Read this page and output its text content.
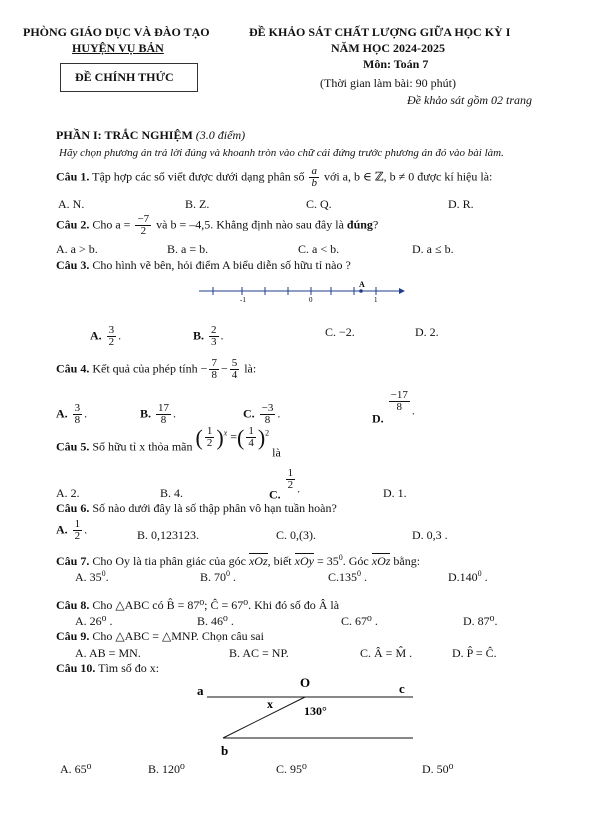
PHÒNG GIÁO DỤC VÀ ĐÀO TẠO
HUYỆN VỤ BẢN
ĐỀ CHÍNH THỨC
ĐỀ KHẢO SÁT CHẤT LƯỢNG GIỮA HỌC KỲ I
NĂM HỌC 2024-2025
Môn: Toán 7
(Thời gian làm bài: 90 phút)
Đề khảo sát gồm 02 trang
PHẦN I: TRẮC NGHIỆM (3.0 điểm)
Hãy chọn phương án trả lời đúng và khoanh tròn vào chữ cái đứng trước phương án đó vào bài làm.
Câu 1. Tập hợp các số viết được dưới dạng phân số $\frac{a}{b}$ với a, b ∈ ℤ, b ≠ 0 được kí hiệu là:
A. N.	B. Z.	C. Q.	D. R.
Câu 2. Cho $a = \frac{-7}{2}$ và b = –4,5. Khẳng định nào sau đây là đúng?
A. a > b.	B. a = b.	C. a < b.	D. a ≤ b.
Câu 3. Cho hình vẽ bên, hỏi điểm A biểu diễn số hữu tỉ nào ?
A
-1	0	1
A. $\frac{3}{2}$ .	B. $\frac{2}{3}$ .	C. −2.	D. 2.
Câu 4. Kết quả của phép tính − $\frac{7}{8} - \frac{5}{4}$ là:
A. $\frac{3}{8}$ .	B. $\frac{17}{8}$ .	C. $\frac{-3}{8}$ .	D.
$\frac{-17}{8}$ .
Câu 5. Số hữu tỉ x thỏa mãn ( $\frac{1}{2} )^x$ =( $\frac{1}{4} )^2$ là
A. 2.	B. 4.	C.
$\frac{1}{2}$ .	D. 1.
Câu 6. Số nào dưới đây là số thập phân vô hạn tuần hoàn?
A. $\frac{1}{2}$ .	B. 0,123123.	C. 0,(3).	D. 0,3 .
Câu 7. Cho Oy là tia phân giác của góc xOz, biết xOy = $35^0$. Góc xOz bằng:
A. $35^0$.	B. $70^0$ .	C.135$^0$ .	D.140$^0$ .
Câu 8. Cho △ABC có B̂ = 87⁰; Ĉ = 67⁰. Khi đó số đo Â là
A. 26⁰ .	B. 46⁰ .	C. 67⁰ .	D. 87⁰.
Câu 9. Cho △ABC = △MNP. Chọn câu sai
A. AB = MN.	B. AC = NP.	C. Â = M̂ .	D. P̂ = Ĉ.
Câu 10. Tìm số đo x:
a
O	c
x	130°
b
A. 65⁰	B. 120⁰	C. 95⁰	D. 50⁰
